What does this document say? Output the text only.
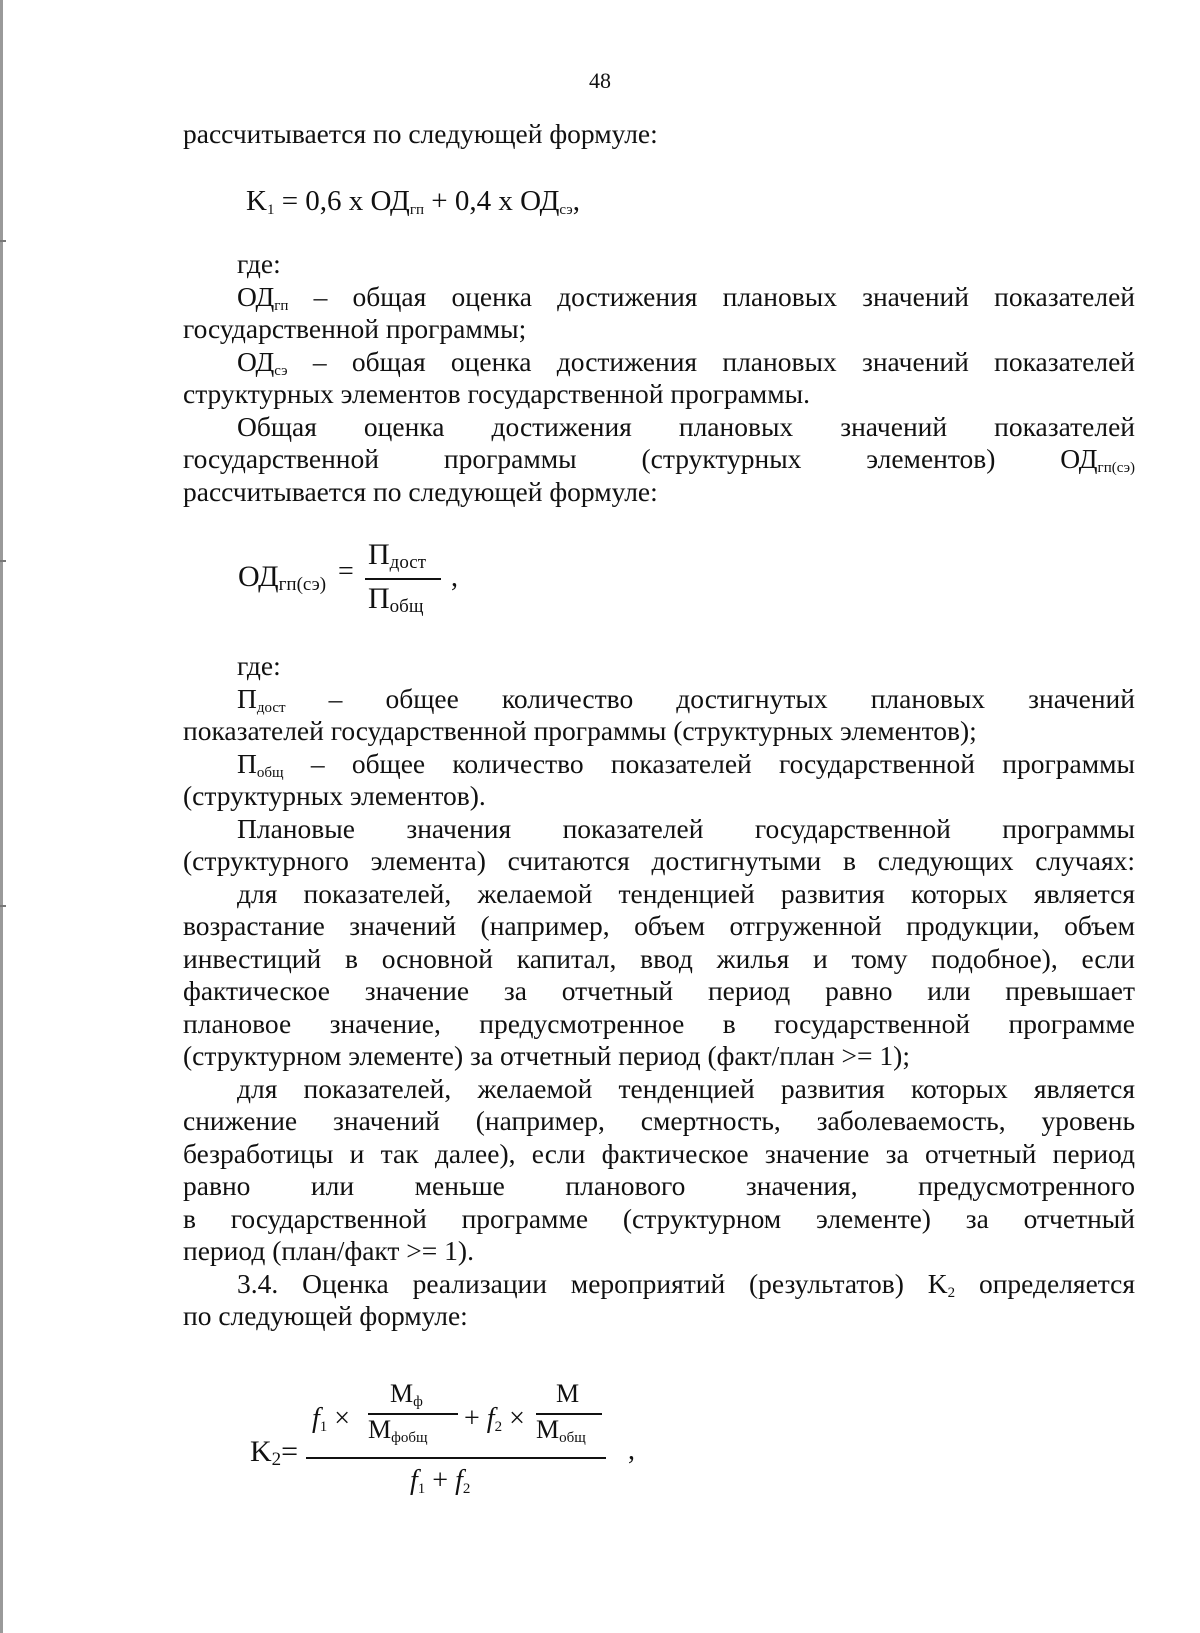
48
рассчитывается по следующей формуле:
$K_1 = 0,6$ x $ОД_{гп} + 0,4$ x $ОД_{сэ}$,
где:
$ОД_{гп}$ – общая оценка достижения плановых значений показателей
государственной программы;
$ОД_{сэ}$ – общая оценка достижения плановых значений показателей
структурных элементов государственной программы.
Общая оценка достижения плановых значений показателей
государственной программы (структурных элементов) $ОД_{гп(сэ)}$
рассчитывается по следующей формуле:
$ОД_{гп(сэ)}$ =
$П_{дост}$
$П_{общ}$
,
где:
$П_{дост}$ – общее количество достигнутых плановых значений
показателей государственной программы (структурных элементов);
$П_{общ}$ – общее количество показателей государственной программы
(структурных элементов).
Плановые значения показателей государственной программы
(структурного элемента) считаются достигнутыми в следующих случаях:
для показателей, желаемой тенденцией развития которых является
возрастание значений (например, объем отгруженной продукции, объем
инвестиций в основной капитал, ввод жилья и тому подобное), если
фактическое значение за отчетный период равно или превышает
плановое значение, предусмотренное в государственной программе
(структурном элементе) за отчетный период (факт/план >= 1);
для показателей, желаемой тенденцией развития которых является
снижение значений (например, смертность, заболеваемость, уровень
безработицы и так далее), если фактическое значение за отчетный период
равно или меньше планового значения, предусмотренного
в государственной программе (структурном элементе) за отчетный
период (план/факт >= 1).
3.4. Оценка реализации мероприятий (результатов) $K_2$ определяется
по следующей формуле:
$K_2=$
$f_1$ ×
$М_ф$
$М_{фобщ}$
+ $f_2$ ×
М
$М_{общ}$
$f_1 + f_2$
,
